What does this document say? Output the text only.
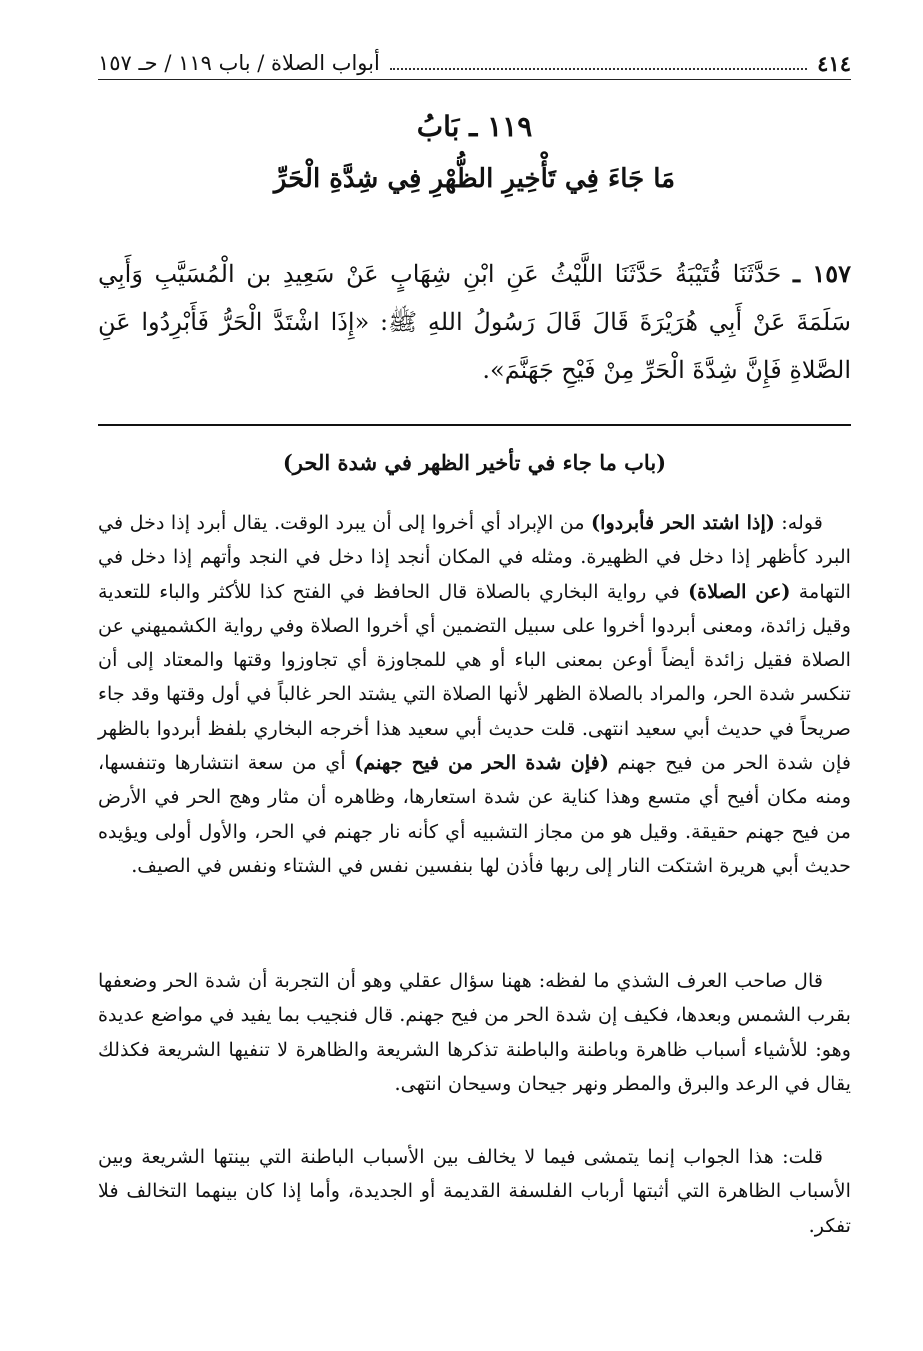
٤١٤
أبواب الصلاة / باب ١١٩ / حـ ١٥٧
١١٩ ـ بَابُ
مَا جَاءَ فِي تَأْخِيرِ الظُّهْرِ فِي شِدَّةِ الْحَرِّ
١٥٧ ـ حَدَّثَنَا قُتَيْبَةُ حَدَّثَنَا اللَّيْثُ عَنِ ابْنِ شِهَابٍ عَنْ سَعِيدِ بن الْمُسَيَّبِ وَأَبِي سَلَمَةَ عَنْ أَبِي هُرَيْرَةَ قَالَ قَالَ رَسُولُ اللهِ ﷺ: «إِذَا اشْتَدَّ الْحَرُّ فَأَبْرِدُوا عَنِ الصَّلاةِ فَإِنَّ شِدَّةَ الْحَرِّ مِنْ فَيْحِ جَهَنَّمَ».
(باب ما جاء في تأخير الظهر في شدة الحر)
قوله: (إذا اشتد الحر فأبردوا) من الإبراد أي أخروا إلى أن يبرد الوقت. يقال أبرد إذا دخل في البرد كأظهر إذا دخل في الظهيرة. ومثله في المكان أنجد إذا دخل في النجد وأتهم إذا دخل في التهامة (عن الصلاة) في رواية البخاري بالصلاة قال الحافظ في الفتح كذا للأكثر والباء للتعدية وقيل زائدة، ومعنى أبردوا أخروا على سبيل التضمين أي أخروا الصلاة وفي رواية الكشميهني عن الصلاة فقيل زائدة أيضاً أوعن بمعنى الباء أو هي للمجاوزة أي تجاوزوا وقتها والمعتاد إلى أن تنكسر شدة الحر، والمراد بالصلاة الظهر لأنها الصلاة التي يشتد الحر غالباً في أول وقتها وقد جاء صريحاً في حديث أبي سعيد انتهى. قلت حديث أبي سعيد هذا أخرجه البخاري بلفظ أبردوا بالظهر فإن شدة الحر من فيح جهنم (فإن شدة الحر من فيح جهنم) أي من سعة انتشارها وتنفسها، ومنه مكان أفيح أي متسع وهذا كناية عن شدة استعارها، وظاهره أن مثار وهج الحر في الأرض من فيح جهنم حقيقة. وقيل هو من مجاز التشبيه أي كأنه نار جهنم في الحر، والأول أولى ويؤيده حديث أبي هريرة اشتكت النار إلى ربها فأذن لها بنفسين نفس في الشتاء ونفس في الصيف.
قال صاحب العرف الشذي ما لفظه: ههنا سؤال عقلي وهو أن التجربة أن شدة الحر وضعفها بقرب الشمس وبعدها، فكيف إن شدة الحر من فيح جهنم. قال فنجيب بما يفيد في مواضع عديدة وهو: للأشياء أسباب ظاهرة وباطنة والباطنة تذكرها الشريعة والظاهرة لا تنفيها الشريعة فكذلك يقال في الرعد والبرق والمطر ونهر جيحان وسيحان انتهى.
قلت: هذا الجواب إنما يتمشى فيما لا يخالف بين الأسباب الباطنة التي بينتها الشريعة وبين الأسباب الظاهرة التي أثبتها أرباب الفلسفة القديمة أو الجديدة، وأما إذا كان بينهما التخالف فلا تفكر.
